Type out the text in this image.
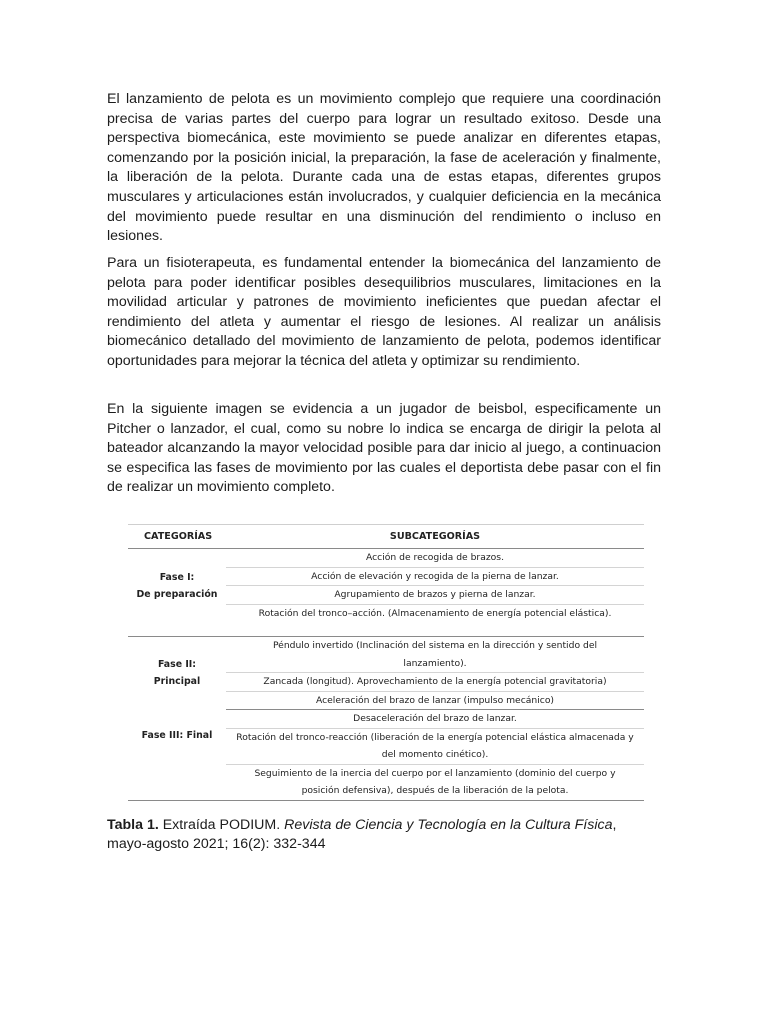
El lanzamiento de pelota es un movimiento complejo que requiere una coordinación precisa de varias partes del cuerpo para lograr un resultado exitoso. Desde una perspectiva biomecánica, este movimiento se puede analizar en diferentes etapas, comenzando por la posición inicial, la preparación, la fase de aceleración y finalmente, la liberación de la pelota. Durante cada una de estas etapas, diferentes grupos musculares y articulaciones están involucrados, y cualquier deficiencia en la mecánica del movimiento puede resultar en una disminución del rendimiento o incluso en lesiones.

Para un fisioterapeuta, es fundamental entender la biomecánica del lanzamiento de pelota para poder identificar posibles desequilibrios musculares, limitaciones en la movilidad articular y patrones de movimiento ineficientes que puedan afectar el rendimiento del atleta y aumentar el riesgo de lesiones. Al realizar un análisis biomecánico detallado del movimiento de lanzamiento de pelota, podemos identificar oportunidades para mejorar la técnica del atleta y optimizar su rendimiento.

En la siguiente imagen se evidencia a un jugador de beisbol, especificamente un Pitcher o lanzador, el cual, como su nobre lo indica se encarga de dirigir la pelota al bateador alcanzando la mayor velocidad posible para dar inicio al juego, a continuacion se especifica las fases de movimiento por las cuales el deportista debe pasar con el fin de realizar un movimiento completo.

CATEGORÍAS	SUBCATEGORÍAS

Fase I:
De preparación	Acción de recogida de brazos.
	Acción de elevación y recogida de la pierna de lanzar.
	Agrupamiento de brazos y pierna de lanzar.
	Rotación del tronco–acción. (Almacenamiento de energía potencial elástica).

Fase II:
Principal	Péndulo invertido (Inclinación del sistema en la dirección y sentido del lanzamiento).
	Zancada (longitud). Aprovechamiento de la energía potencial gravitatoria)
	Aceleración del brazo de lanzar (impulso mecánico)

Fase III: Final	Desaceleración del brazo de lanzar.
	Rotación del tronco-reacción (liberación de la energía potencial elástica almacenada y del momento cinético).
	Seguimiento de la inercia del cuerpo por el lanzamiento (dominio del cuerpo y posición defensiva), después de la liberación de la pelota.
Tabla 1. Extraída PODIUM. Revista de Ciencia y Tecnología en la Cultura Física, mayo-agosto 2021; 16(2): 332-344
